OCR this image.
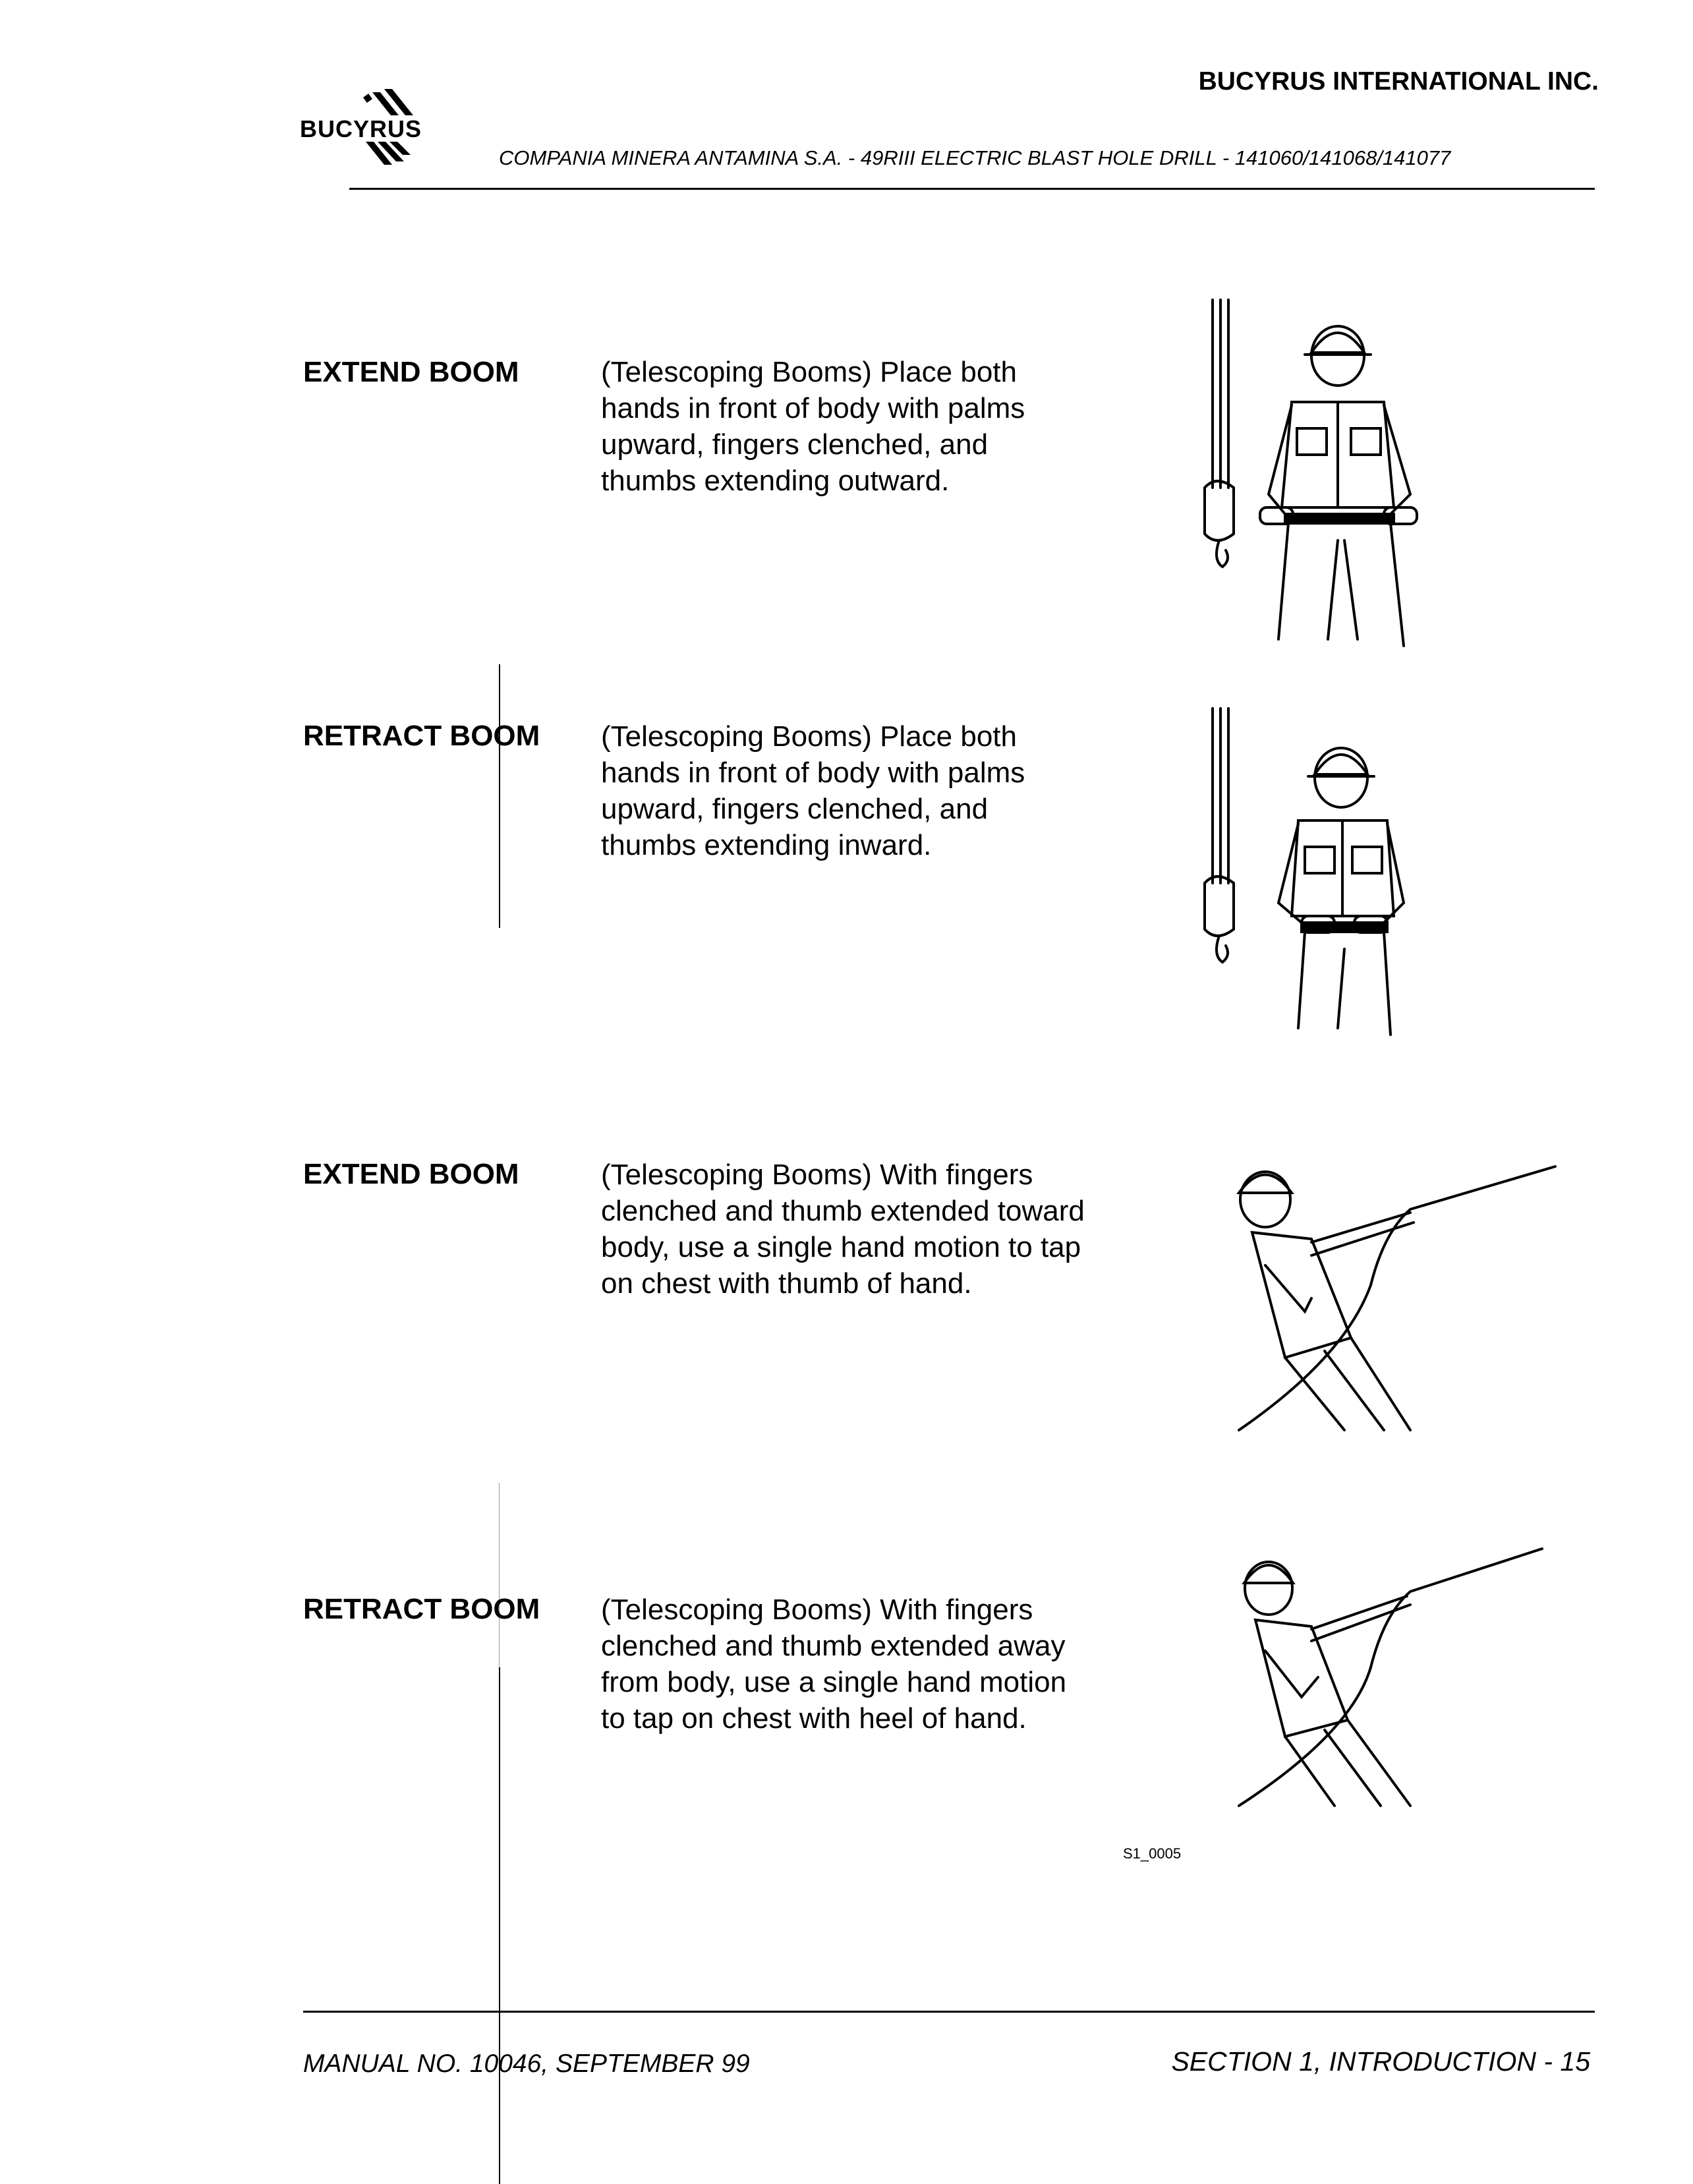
BUCYRUS
BUCYRUS INTERNATIONAL INC.
COMPANIA MINERA ANTAMINA S.A. - 49RIII ELECTRIC BLAST HOLE DRILL - 141060/141068/141077
EXTEND BOOM	(Telescoping Booms) Place both hands in front of body with palms upward, fingers clenched, and thumbs extending outward.
RETRACT BOOM (Telescoping Booms) Place both hands in front of body with palms upward, fingers clenched, and thumbs extending inward.
EXTEND BOOM	(Telescoping Booms) With fingers clenched and thumb extended toward body, use a single hand motion to tap on chest with thumb of hand.
RETRACT BOOM (Telescoping Booms) With fingers clenched and thumb extended away from body, use a single hand motion to tap on chest with heel of hand.
S1_0005
MANUAL NO. 10046, SEPTEMBER 99	SECTION 1, INTRODUCTION - 15
